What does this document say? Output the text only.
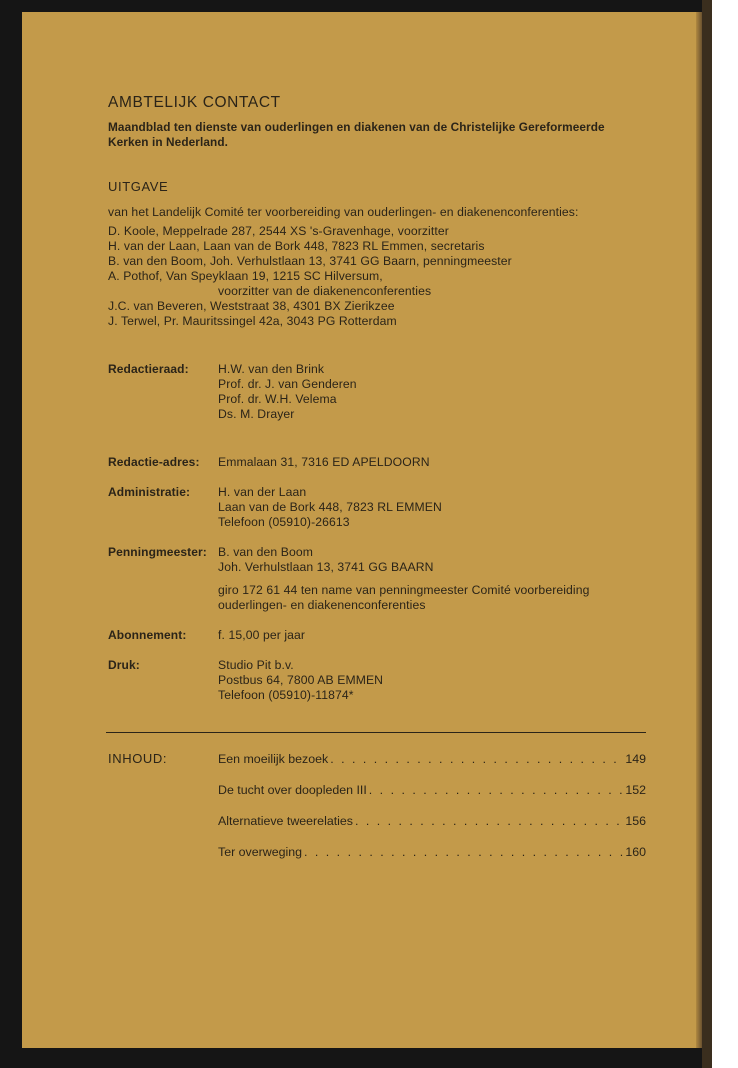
AMBTELIJK CONTACT
Maandblad ten dienste van ouderlingen en diakenen van de Christelijke Gereformeerde
Kerken in Nederland.
UITGAVE
van het Landelijk Comité ter voorbereiding van ouderlingen- en diakenenconferenties:
D. Koole, Meppelrade 287, 2544 XS 's-Gravenhage, voorzitter
H. van der Laan, Laan van de Bork 448, 7823 RL Emmen, secretaris
B. van den Boom, Joh. Verhulstlaan 13, 3741 GG Baarn, penningmeester
A. Pothof, Van Speyklaan 19, 1215 SC Hilversum,
voorzitter van de diakenenconferenties
J.C. van Beveren, Weststraat 38, 4301 BX Zierikzee
J. Terwel, Pr. Mauritssingel 42a, 3043 PG Rotterdam
Redactieraad: H.W. van den Brink
Prof. dr. J. van Genderen
Prof. dr. W.H. Velema
Ds. M. Drayer
Redactie-adres: Emmalaan 31, 7316 ED APELDOORN
Administratie: H. van der Laan
Laan van de Bork 448, 7823 RL EMMEN
Telefoon (05910)-26613
Penningmeester: B. van den Boom
Joh. Verhulstlaan 13, 3741 GG BAARN
giro 172 61 44 ten name van penningmeester Comité voorbereiding
ouderlingen- en diakenenconferenties
Abonnement:	f. 15,00 per jaar
Druk:	Studio Pit b.v.
Postbus 64, 7800 AB EMMEN
Telefoon (05910)-11874*
INHOUD:	Een moeilijk bezoek . . .	149
De tucht over doopleden III . . .	152
Alternatieve tweerelaties . . .	156
Ter overweging . . .	160
